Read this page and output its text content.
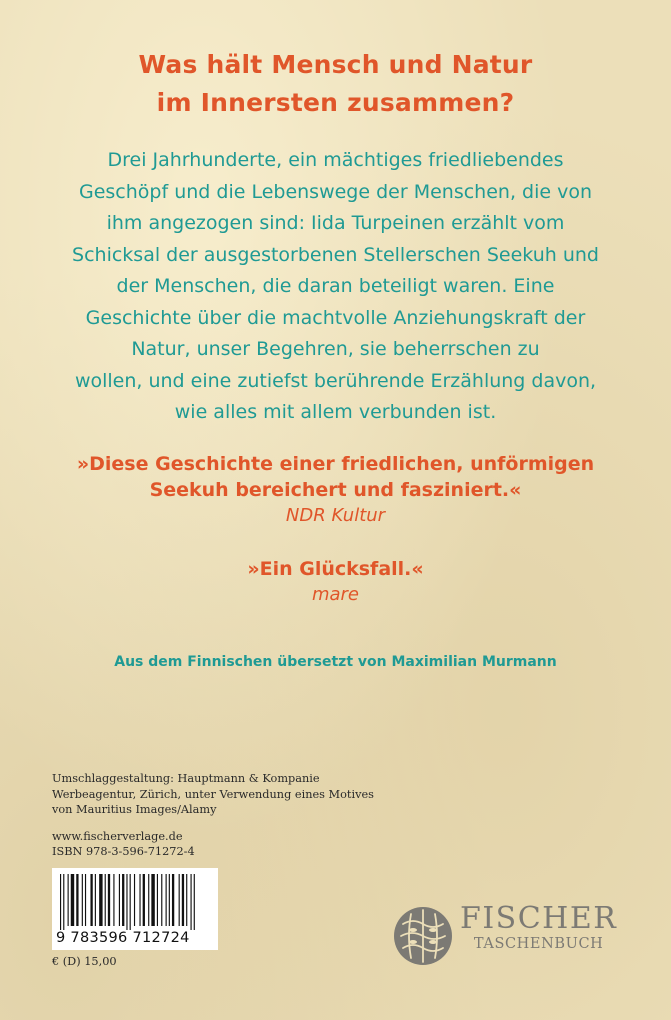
Was hält Mensch und Natur
im Innersten zusammen?
Drei Jahrhunderte, ein mächtiges friedliebendes
Geschöpf und die Lebenswege der Menschen, die von
ihm angezogen sind: Iida Turpeinen erzählt vom
Schicksal der ausgestorbenen Stellerschen Seekuh und
der Menschen, die daran beteiligt waren. Eine
Geschichte über die machtvolle Anziehungskraft der
Natur, unser Begehren, sie beherrschen zu
wollen, und eine zutiefst berührende Erzählung davon,
wie alles mit allem verbunden ist.
»Diese Geschichte einer friedlichen, unförmigen
Seekuh bereichert und fasziniert.«
NDR Kultur
»Ein Glücksfall.«
mare
Aus dem Finnischen übersetzt von Maximilian Murmann
Umschlaggestaltung: Hauptmann & Kompanie
Werbeagentur, Zürich, unter Verwendung eines Motives
von Mauritius Images/Alamy
www.fischerverlage.de
ISBN 978-3-596-71272-4
9 783596 712724
€ (D) 15,00
FISCHER
TASCHENBUCH
